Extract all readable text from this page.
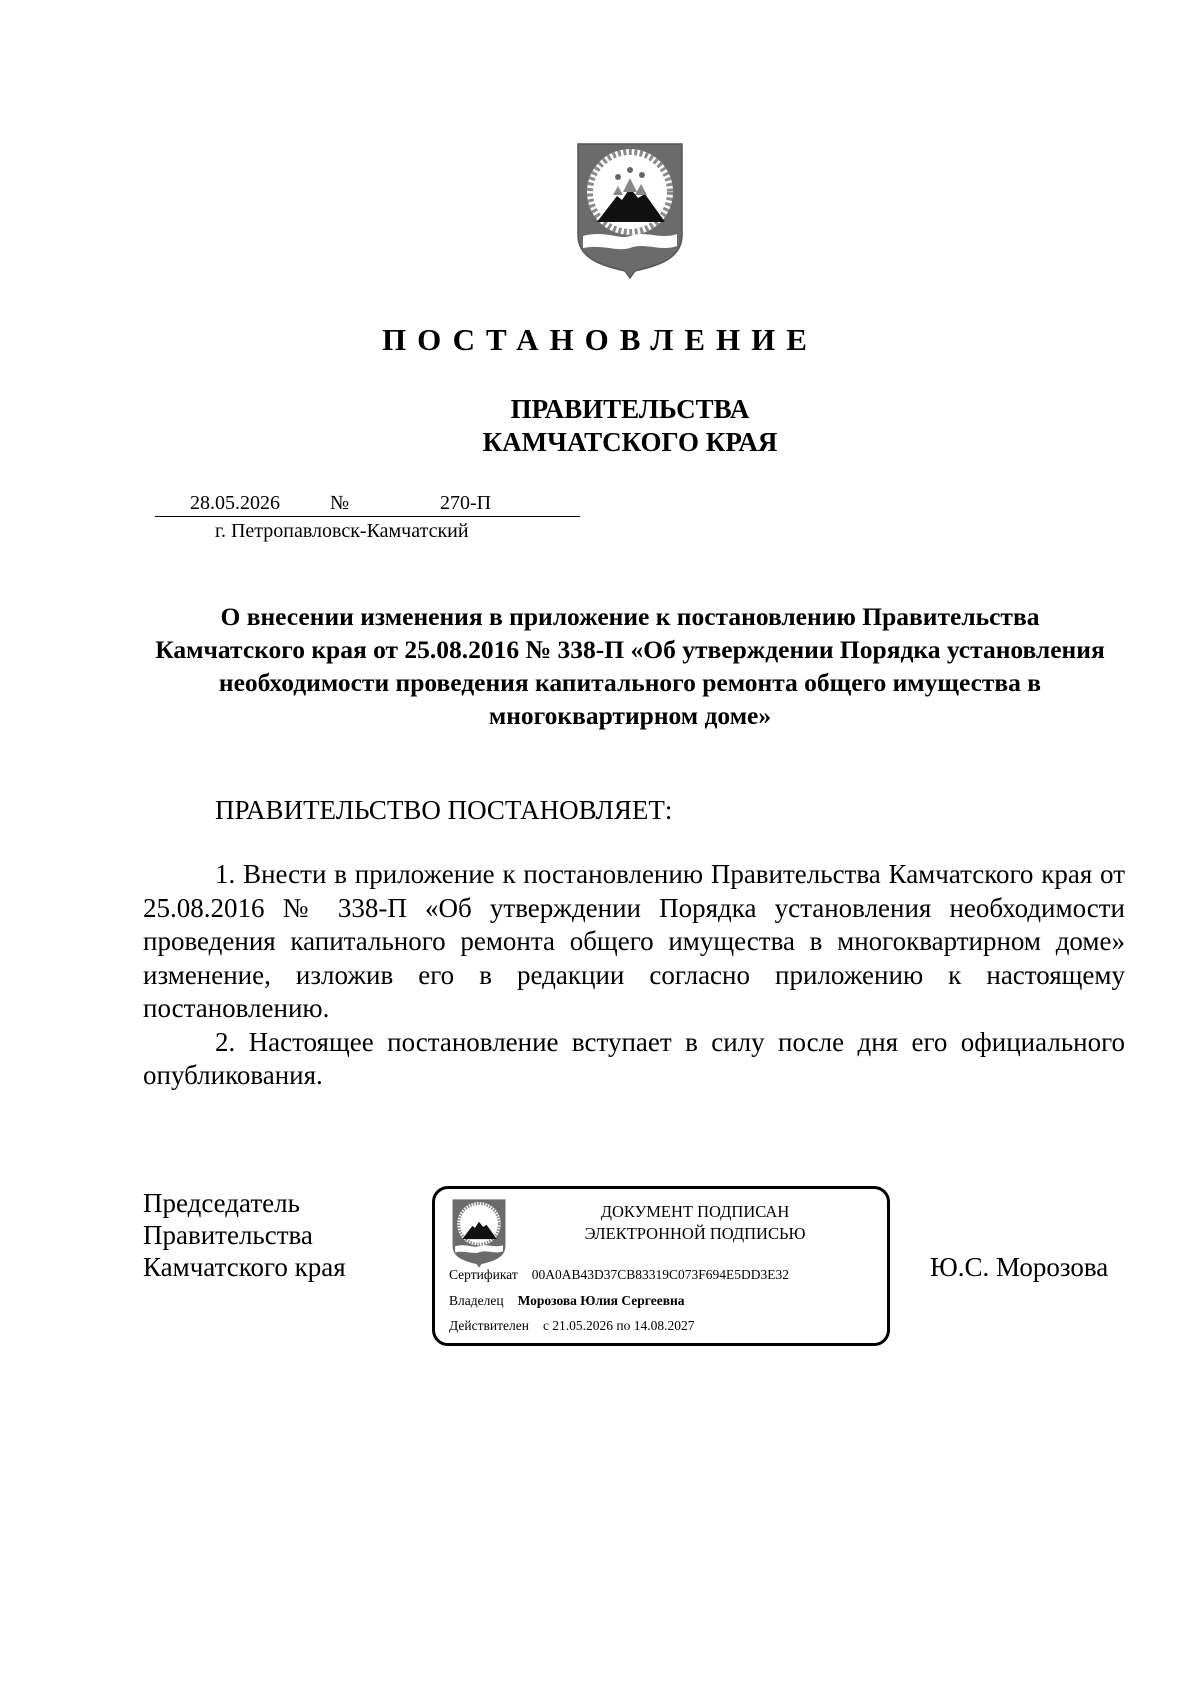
ПОСТАНОВЛЕНИЕ
ПРАВИТЕЛЬСТВА
КАМЧАТСКОГО КРАЯ
28.05.2026	№	270-П
г. Петропавловск-Камчатский
О внесении изменения в приложение к постановлению Правительства Камчатского края от 25.08.2016 № 338-П «Об утверждении Порядка установления необходимости проведения капитального ремонта общего имущества в многоквартирном доме»
ПРАВИТЕЛЬСТВО ПОСТАНОВЛЯЕТ:

1. Внести в приложение к постановлению Правительства Камчатского края от 25.08.2016 № 338-П «Об утверждении Порядка установления необходимости проведения капитального ремонта общего имущества в многоквартирном доме» изменение, изложив его в редакции согласно приложению к настоящему постановлению.

2. Настоящее постановление вступает в силу после дня его официального опубликования.

Председатель
Правительства
Камчатского края
ДОКУМЕНТ ПОДПИСАН
ЭЛЕКТРОННОЙ ПОДПИСЬЮ
Сертификат 00A0AB43D37CB83319C073F694E5DD3E32
Владелец Морозова Юлия Сергеевна
Действителен с 21.05.2026 по 14.08.2027
Ю.С. Морозова
